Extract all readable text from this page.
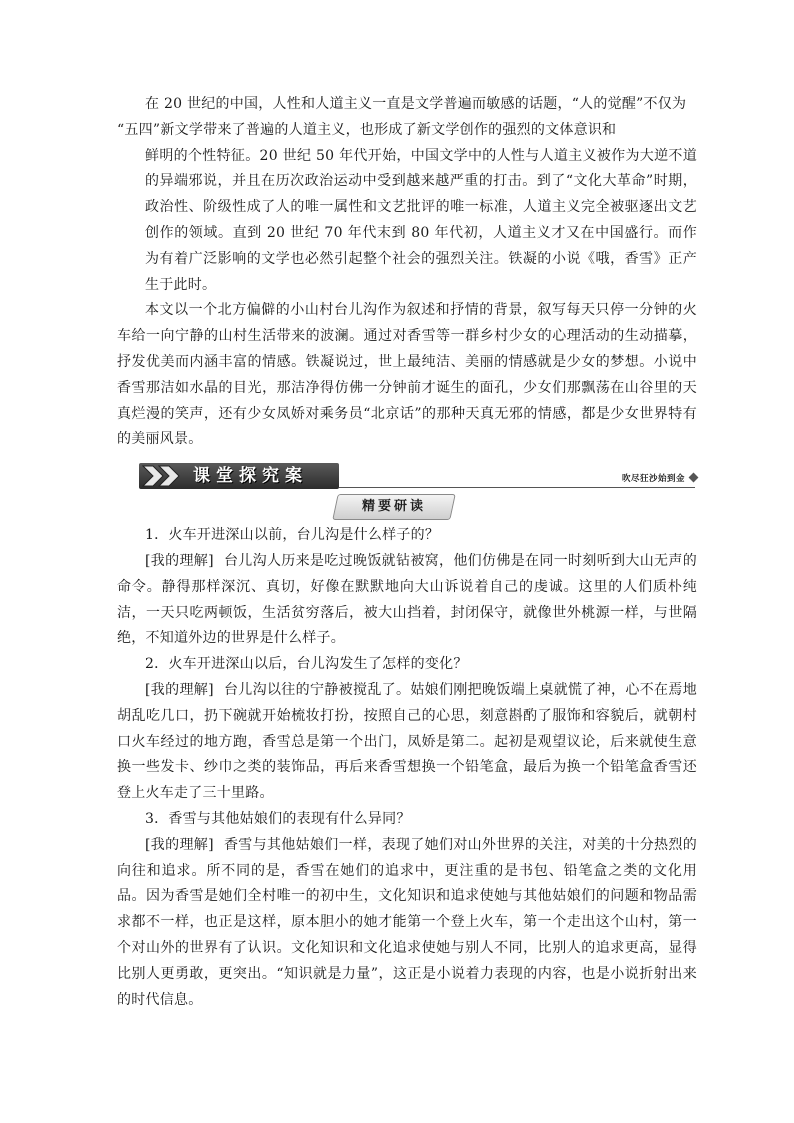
在 20 世纪的中国，人性和人道主义一直是文学普遍而敏感的话题，“人的觉醒”不仅为

“五四”新文学带来了普遍的人道主义，也形成了新文学创作的强烈的文体意识和

鲜明的个性特征。20 世纪 50 年代开始，中国文学中的人性与人道主义被作为大逆不道的异端邪说，并且在历次政治运动中受到越来越严重的打击。到了“文化大革命”时期，政治性、阶级性成了人的唯一属性和文艺批评的唯一标准，人道主义完全被驱逐出文艺创作的领域。直到 20 世纪 70 年代末到 80 年代初，人道主义才又在中国盛行。而作为有着广泛影响的文学也必然引起整个社会的强烈关注。铁凝的小说《哦，香雪》正产生于此时。

本文以一个北方偏僻的小山村台儿沟作为叙述和抒情的背景，叙写每天只停一分钟的火车给一向宁静的山村生活带来的波澜。通过对香雪等一群乡村少女的心理活动的生动描摹，抒发优美而内涵丰富的情感。铁凝说过，世上最纯洁、美丽的情感就是少女的梦想。小说中香雪那洁如水晶的目光，那洁净得仿佛一分钟前才诞生的面孔，少女们那飘荡在山谷里的天真烂漫的笑声，还有少女凤娇对乘务员“北京话”的那种天真无邪的情感，都是少女世界特有的美丽风景。

课堂探究案	吹尽狂沙始到金
精要研读

1．火车开进深山以前，台儿沟是什么样子的？

[我的理解] 台儿沟人历来是吃过晚饭就钻被窝，他们仿佛是在同一时刻听到大山无声的命令。静得那样深沉、真切，好像在默默地向大山诉说着自己的虔诚。这里的人们质朴纯洁，一天只吃两顿饭，生活贫穷落后，被大山挡着，封闭保守，就像世外桃源一样，与世隔绝，不知道外边的世界是什么样子。

2．火车开进深山以后，台儿沟发生了怎样的变化？

[我的理解] 台儿沟以往的宁静被搅乱了。姑娘们刚把晚饭端上桌就慌了神，心不在焉地胡乱吃几口，扔下碗就开始梳妆打扮，按照自己的心思，刻意斟酌了服饰和容貌后，就朝村口火车经过的地方跑，香雪总是第一个出门，凤娇是第二。起初是观望议论，后来就使生意换一些发卡、纱巾之类的装饰品，再后来香雪想换一个铅笔盒，最后为换一个铅笔盒香雪还登上火车走了三十里路。

3．香雪与其他姑娘们的表现有什么异同？

[我的理解] 香雪与其他姑娘们一样，表现了她们对山外世界的关注，对美的十分热烈的向往和追求。所不同的是，香雪在她们的追求中，更注重的是书包、铅笔盒之类的文化用品。因为香雪是她们全村唯一的初中生，文化知识和追求使她与其他姑娘们的问题和物品需求都不一样，也正是这样，原本胆小的她才能第一个登上火车，第一个走出这个山村，第一个对山外的世界有了认识。文化知识和文化追求使她与别人不同，比别人的追求更高，显得比别人更勇敢，更突出。“知识就是力量”，这正是小说着力表现的内容，也是小说折射出来的时代信息。
